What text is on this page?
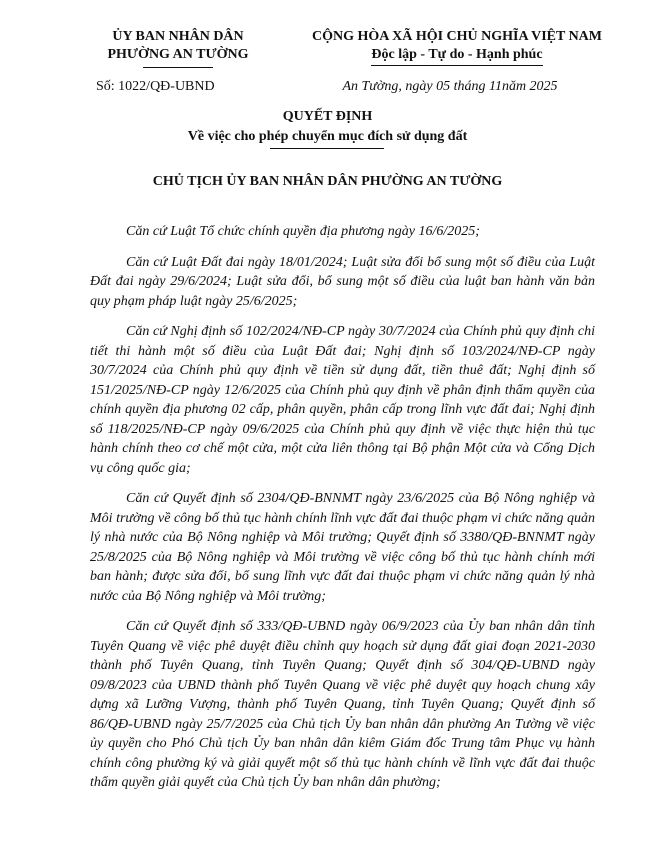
ỦY BAN NHÂN DÂN
PHƯỜNG AN TƯỜNG
CỘNG HÒA XÃ HỘI CHỦ NGHĨA VIỆT NAM
Độc lập - Tự do - Hạnh phúc
Số: 1022/QĐ-UBND	An Tường, ngày 05 tháng 11năm 2025
QUYẾT ĐỊNH
Về việc cho phép chuyển mục đích sử dụng đất
CHỦ TỊCH ỦY BAN NHÂN DÂN PHƯỜNG AN TƯỜNG

Căn cứ Luật Tổ chức chính quyền địa phương ngày 16/6/2025;

Căn cứ Luật Đất đai ngày 18/01/2024; Luật sửa đổi bổ sung một số điều của Luật Đất đai ngày 29/6/2024; Luật sửa đổi, bổ sung một số điều của luật ban hành văn bản quy phạm pháp luật ngày 25/6/2025;

Căn cứ Nghị định số 102/2024/NĐ-CP ngày 30/7/2024 của Chính phủ quy định chi tiết thi hành một số điều của Luật Đất đai; Nghị định số 103/2024/NĐ-CP ngày 30/7/2024 của Chính phủ quy định về tiền sử dụng đất, tiền thuê đất; Nghị định số 151/2025/NĐ-CP ngày 12/6/2025 của Chính phủ quy định về phân định thẩm quyền của chính quyền địa phương 02 cấp, phân quyền, phân cấp trong lĩnh vực đất đai; Nghị định số 118/2025/NĐ-CP ngày 09/6/2025 của Chính phủ quy định về việc thực hiện thủ tục hành chính theo cơ chế một cửa, một cửa liên thông tại Bộ phận Một cửa và Cổng Dịch vụ công quốc gia;

Căn cứ Quyết định số 2304/QĐ-BNNMT ngày 23/6/2025 của Bộ Nông nghiệp và Môi trường về công bố thủ tục hành chính lĩnh vực đất đai thuộc phạm vi chức năng quản lý nhà nước của Bộ Nông nghiệp và Môi trường; Quyết định số 3380/QĐ-BNNMT ngày 25/8/2025 của Bộ Nông nghiệp và Môi trường về việc công bố thủ tục hành chính mới ban hành; được sửa đổi, bổ sung lĩnh vực đất đai thuộc phạm vi chức năng quản lý nhà nước của Bộ Nông nghiệp và Môi trường;

Căn cứ Quyết định số 333/QĐ-UBND ngày 06/9/2023 của Ủy ban nhân dân tỉnh Tuyên Quang về việc phê duyệt điều chỉnh quy hoạch sử dụng đất giai đoạn 2021-2030 thành phố Tuyên Quang, tỉnh Tuyên Quang; Quyết định số 304/QĐ-UBND ngày 09/8/2023 của UBND thành phố Tuyên Quang về việc phê duyệt quy hoạch chung xây dựng xã Lưỡng Vượng, thành phố Tuyên Quang, tỉnh Tuyên Quang; Quyết định số 86/QĐ-UBND ngày 25/7/2025 của Chủ tịch Ủy ban nhân dân phường An Tường về việc ủy quyền cho Phó Chủ tịch Ủy ban nhân dân kiêm Giám đốc Trung tâm Phục vụ hành chính công phường ký và giải quyết một số thủ tục hành chính về lĩnh vực đất đai thuộc thẩm quyền giải quyết của Chủ tịch Ủy ban nhân dân phường;
